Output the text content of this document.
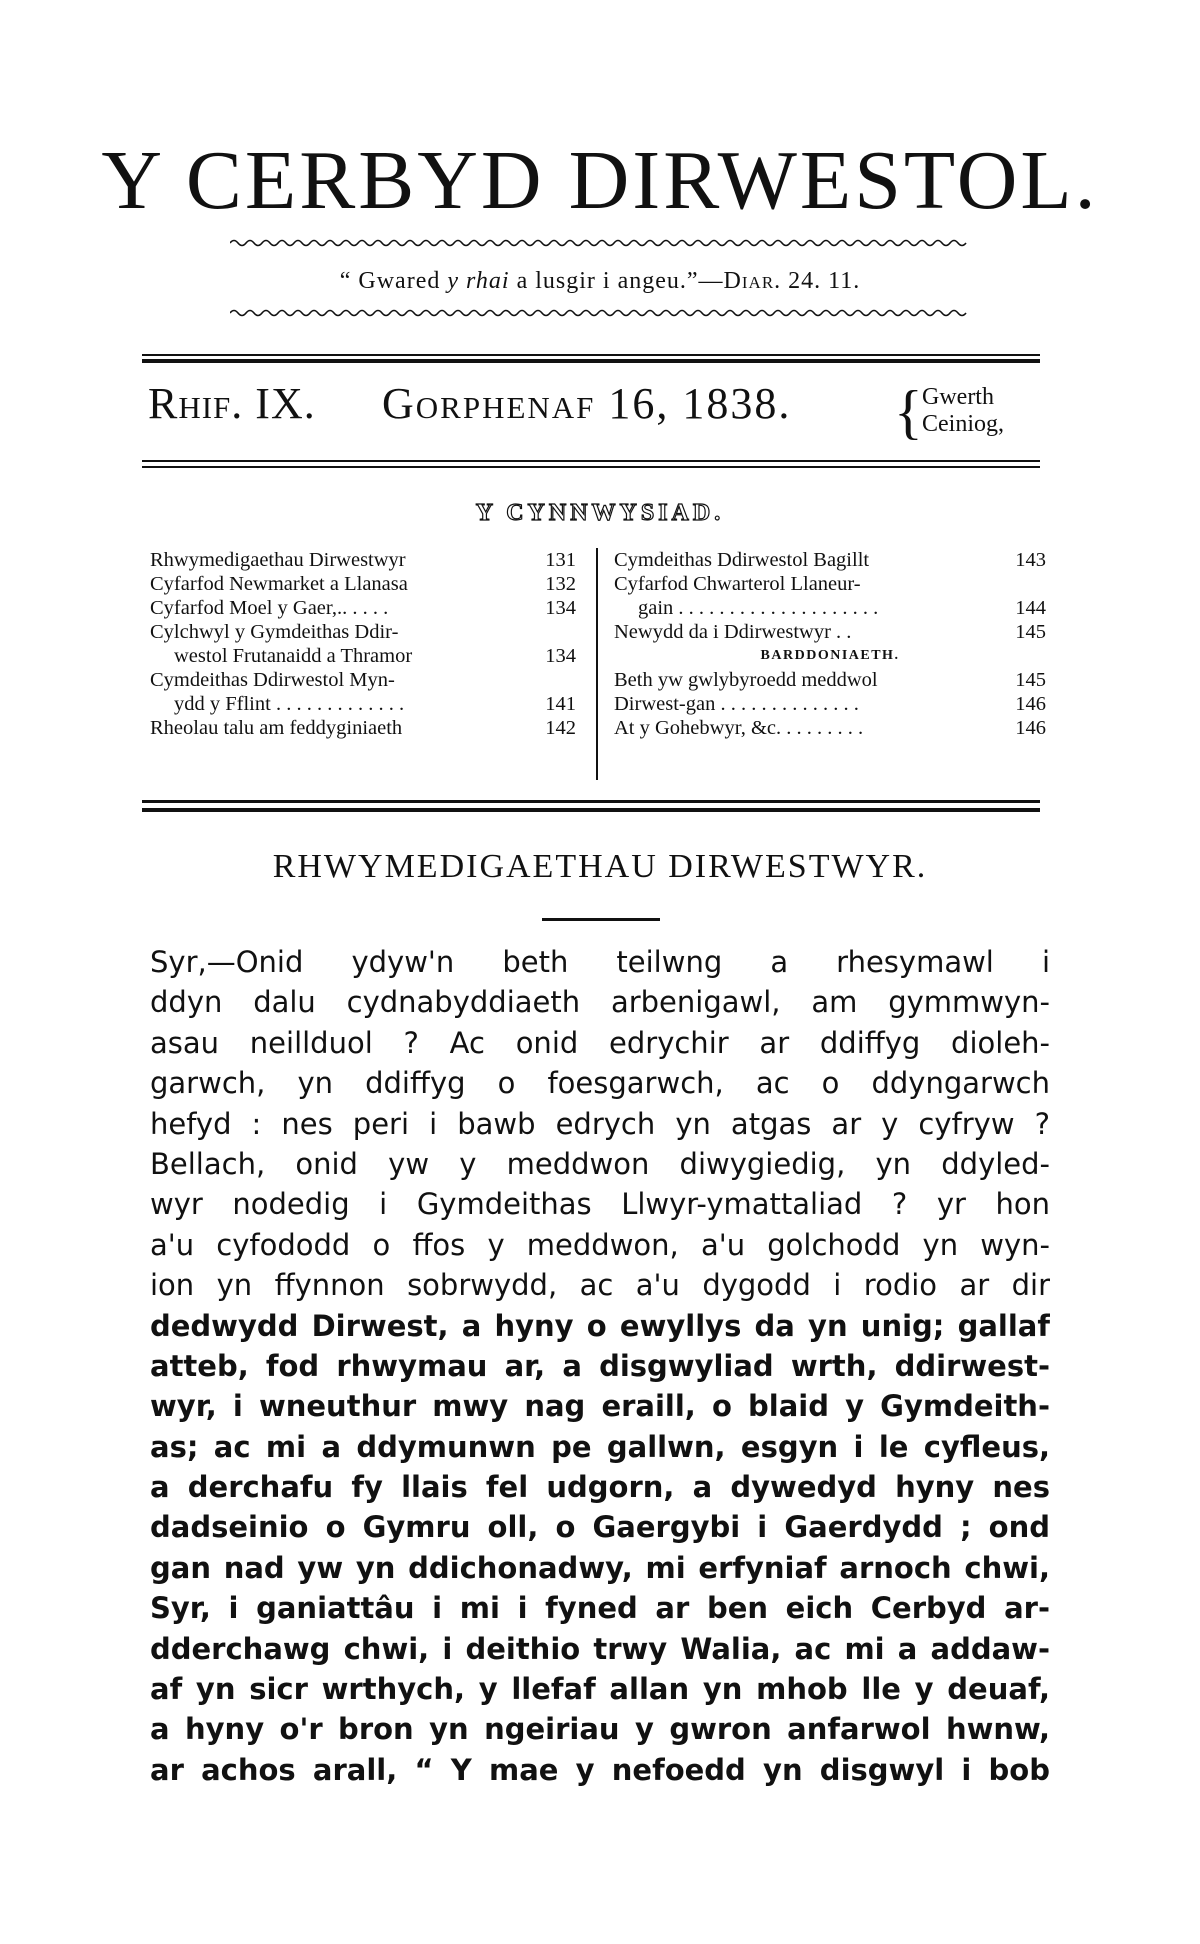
Y CERBYD DIRWESTOL.
“ Gwared y rhai a lusgir i angeu.”—Diar. 24. 11.
Rhif. IX. Gorphenaf 16, 1838. { Gwerth
Ceiniog,
Y CYNNWYSIAD.
Rhwymedigaethau Dirwestwyr	131
Cyfarfod Newmarket a Llanasa	132
Cyfarfod Moel y Gaer,.. . . . .	134
Cylchwyl y Gymdeithas Ddir-
westol Frutanaidd a Thramor	134
Cymdeithas Ddirwestol Myn-
ydd y Fflint . . . . . . . . . . . . .	141
Rheolau talu am feddyginiaeth	142
Cymdeithas Ddirwestol Bagillt	143
Cyfarfod Chwarterol Llaneur-
gain . . . . . . . . . . . . . . . . . . . .	144
Newydd da i Ddirwestwyr . .	145
BARDDONIAETH.
Beth yw gwlybyroedd meddwol	145
Dirwest-gan . . . . . . . . . . . . . .	146
At y Gohebwyr, &c. . . . . . . . .	146
RHWYMEDIGAETHAU DIRWESTWYR.
Syr,—Onid ydyw'n beth teilwng a rhesymawl i
ddyn dalu cydnabyddiaeth arbenigawl, am gymmwyn-
asau neillduol ? Ac onid edrychir ar ddiffyg dioleh-
garwch, yn ddiffyg o foesgarwch, ac o ddyngarwch
hefyd : nes peri i bawb edrych yn atgas ar y cyfryw ?
Bellach, onid yw y meddwon diwygiedig, yn ddyled-
wyr nodedig i Gymdeithas Llwyr-ymattaliad ? yr hon
a'u cyfododd o ffos y meddwon, a'u golchodd yn wyn-
ion yn ffynnon sobrwydd, ac a'u dygodd i rodio ar dir
dedwydd Dirwest, a hyny o ewyllys da yn unig; gallaf
atteb, fod rhwymau ar, a disgwyliad wrth, ddirwest-
wyr, i wneuthur mwy nag eraill, o blaid y Gymdeith-
as; ac mi a ddymunwn pe gallwn, esgyn i le cyfleus,
a derchafu fy llais fel udgorn, a dywedyd hyny nes
dadseinio o Gymru oll, o Gaergybi i Gaerdydd ; ond
gan nad yw yn ddichonadwy, mi erfyniaf arnoch chwi,
Syr, i ganiattâu i mi i fyned ar ben eich Cerbyd ar-
dderchawg chwi, i deithio trwy Walia, ac mi a addaw-
af yn sicr wrthych, y llefaf allan yn mhob lle y deuaf,
a hyny o'r bron yn ngeiriau y gwron anfarwol hwnw,
ar achos arall, “ Y mae y nefoedd yn disgwyl i bob
